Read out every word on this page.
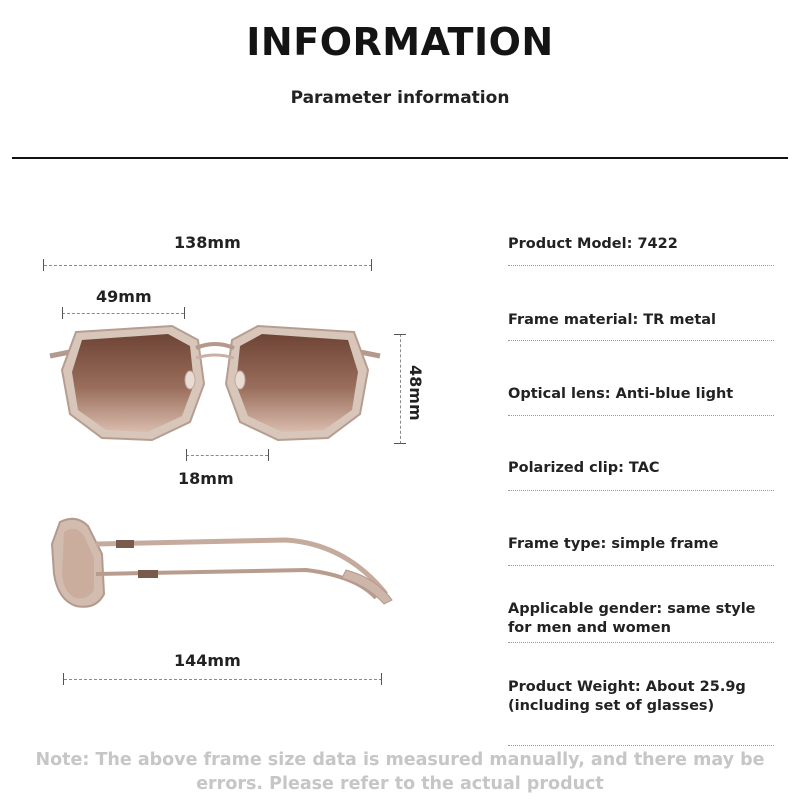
INFORMATION
Parameter information
138mm
49mm
48mm
18mm
144mm
Product Model: 7422
Frame material: TR metal
Optical lens: Anti-blue light
Polarized clip: TAC
Frame type: simple frame
Applicable gender: same style for men and women
Product Weight: About 25.9g (including set of glasses)
Note: The above frame size data is measured manually, and there may be errors. Please refer to the actual product
